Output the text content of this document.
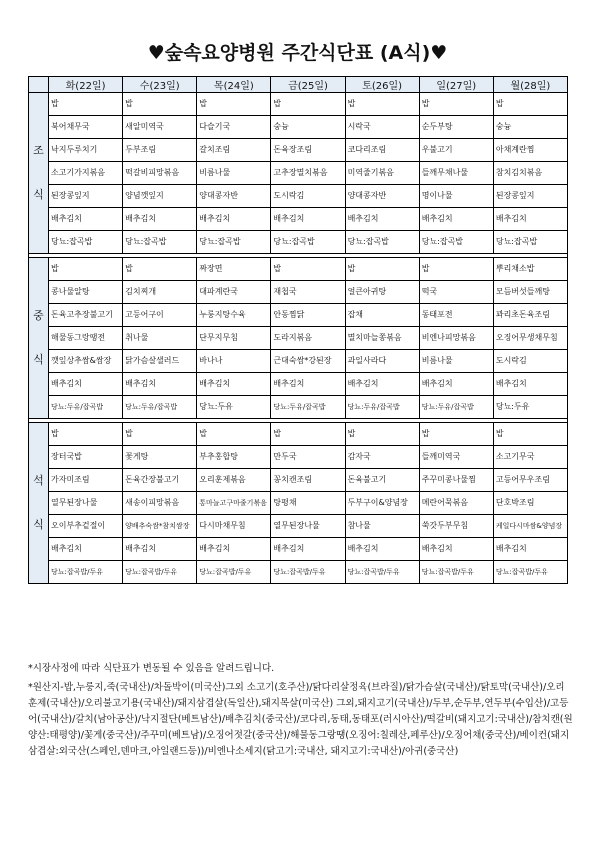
♥숲속요양병원 주간식단표 (A식)♥
	화(22일)	수(23일)	목(24일)	금(25일)	토(26일)	일(27일)	월(28일)
조

식	밥	밥	밥	밥	밥	밥	밥
	북어채무국	새알미역국	다슬기국	숭늉	시락국	순두부탕	숭늉
	낙지두루치기	두부조림	갈치조림	돈육장조림	코다리조림	우불고기	아채계란찜
	소고기가지볶음	떡갈비피망볶음	비름나물	고추장멸치볶음	미역줄기볶음	들깨무채나물	참치김치볶음
	된장콩잎지	양념깻잎지	양대콩자반	도시락김	양대콩자반	명이나물	된장콩잎지
	배추김치	배추김치	배추김치	배추김치	배추김치	배추김치	배추김치
	당뇨:잡곡밥	당뇨:잡곡밥	당뇨:잡곡밥	당뇨:잡곡밥	당뇨:잡곡밥	당뇨:잡곡밥	당뇨:잡곡밥

중

식	밥	밥	짜장면	밥	밥	밥	뿌리채소밥
	콩나물알탕	김치찌개	대파계란국	재첩국	얼큰아귀탕	떡국	모듬버섯들깨탕
	돈육고추장불고기	고등어구이	누룽지탕수육	안동찜닭	잡채	동태포전	꽈리초돈육조림
	해물동그랑땡전	취나물	단무지무침	도라지볶음	멸치마늘쫑볶음	비엔나피망볶음	오징어무생채무침
	깻잎상추쌈&쌈장	닭가슴살샐러드	바나나	근대숙쌈*강된장	과일사라다	비름나물	도시락김
	배추김치	배추김치	배추김치	배추김치	배추김치	배추김치	배추김치
	당뇨:두유/잡곡밥	당뇨:두유/잡곡밥	당뇨:두유	당뇨:두유/잡곡밥	당뇨:두유/잡곡밥	당뇨:두유/잡곡밥	당뇨:두유

석

식	밥	밥	밥	밥	밥	밥	밥
	장터국밥	꽃게탕	부추홍합탕	만두국	감자국	들깨미역국	소고기무국
	가자미조림	돈육간장불고기	오리훈제볶음	꽁치캔조림	돈육불고기	주꾸미콩나물찜	고등어무우조림
	열무된장나물	새송이피망볶음	통마늘고구마줄기볶음	탕평채	두부구이&양념장	메란어묵볶음	단호박조림
	오이부추겉절이	양배추숙쌈*참치쌈장	다시마채무침	열무된장나물	참나물	쑥갓두부무침	케일다시마쌈&양념장
	배추김치	배추김치	배추김치	배추김치	배추김치	배추김치	배추김치
	당뇨:잡곡밥/두유	당뇨:잡곡밥/두유	당뇨:잡곡밥/두유	당뇨:잡곡밥/두유	당뇨:잡곡밥/두유	당뇨:잡곡밥/두유	당뇨:잡곡밥/두유
*시장사정에 따라 식단표가 변동될 수 있음을 알려드립니다.
*원산지-밥,누룽지,죽(국내산)/차돌박이(미국산)그외 소고기(호주산)/닭다리살정육(브라질)/닭가슴살(국내산)/닭토막(국내산)/오리훈제(국내산)/오리불고기용(국내산)/돼지삼겹살(독일산),돼지목살(미국산) 그외,돼지고기(국내산)/두부,순두부,연두부(수입산)/고등어(국내산)/갈치(남아공산)/낙지절단(베트남산)/배추김치(중국산)/코다리,동태,동태포(러시아산)/떡갈비(돼지고기:국내산)/참치캔(원양산:태평양)/꽃게(중국산)/주꾸미(베트남)/오징어젓갈(중국산)/해물동그랑땡(오징어:칠레산,페루산)/오징어채(중국산)/베이컨(돼지삼겹살:외국산(스페인,덴마크,아일랜드등))/비엔나소세지(닭고기:국내산, 돼지고기:국내산)/아귀(중국산)
